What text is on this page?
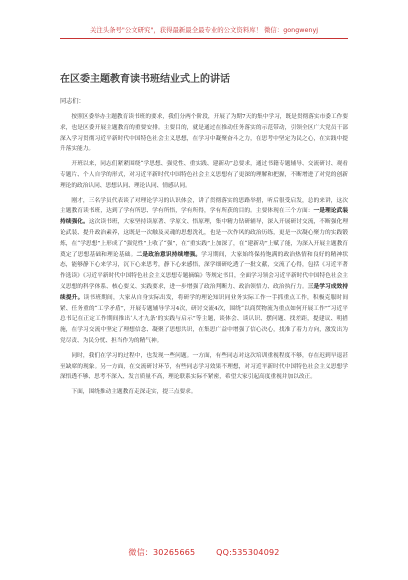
关注头条号"公文研究"，获得最新最全最专业的公文资料库！ 微信：gongwenyj
在区委主题教育读书班结业式上的讲话

同志们：

按照区委举办主题教育读书班的要求，我们分两个阶段，开展了为期7天的集中学习，既是贯彻落实市委工作要求，也是区委开展主题教育的重要安排。主要目的，就是通过在推动任务落实的示范带动，引领全区广大党员干部深入学习贯彻习近平新时代中国特色社会主义思想，在学习中凝聚奋斗之力，在思考中坚定为民之心，在实践中提升落实能力。

开班以来，同志们紧紧围绕“学思想、强党性、重实践、建新功”总要求，通过书籍专题辅导、交流研讨、观看专题片、个人自学的形式，对习近平新时代中国特色社会主义思想有了更深的理解和把握，不断增进了对党的创新理论的政治认同、思想认同、理论认同、情感认同。

刚才，三名学员代表谈了对理论学习的认识体会，讲了贯彻落实的思路举措，听后很受启发，总的来讲，这次主题教育读书班，达到了学有所思、学有所悟，学有所得，学有所获的目的。主要体现在三个方面：一是理论武装持续强化。这次读书班，大家坚持读原著、学原文、悟原理，集中精力钻研辅导，深入开展研讨交流，不断强化理论武装、提升政治素养，这既是一次触及灵魂的思想洗礼，也是一次作风的政治历练，更是一次凝心聚力的实践锻炼，在“学思想”上形成了“强党性”上收了“强”，在“重实践”上加深了，在“建新功”上赋了能，为深入开展主题教育奠定了思想基础和理论基础。二是政治意识持续增强。学习期间，大家始终保持饱满的政治热情和良好的精神状态，能够静下心来学习，沉下心来思考，静下心来感悟，深学细研吃透了一批文献，交流了心得，包括《习近平著作选读》《习近平新时代中国特色社会主义思想专题摘编》等规定书目，全面学习领会习近平新时代中国特色社会主义思想的科学体系、核心要义、实践要求，进一步增强了政治判断力、政治领悟力、政治执行力。三是学习成效持续提升。读书班期间，大家从自身实际出发，将研学的理论知识同业务实际工作一手抓重点工作，积极克服时间紧、任务重的“工学矛盾”，开展专题辅导学习4次，研讨交流4次，围绕“以商贸物流为重点如何开展工作”“习近平总书记在正定工作期间推出‘人才九条’的实践与启示”等主题，谈体会、谈认识、摆问题、找差距，提建议、明措施，在学习交流中坚定了理想信念、凝聚了思想共识，在集思广益中增强了信心决心，找准了着力方向，激发出为党尽责、为民分忧、担当作为的精气神。

同时，我们在学习的过程中，也发现一些问题。一方面，有些同志对这次培训重视程度不够，存在迟到早退甚至缺席的现象。另一方面，在交流研讨环节，有些同志学习效果不理想，对习近平新时代中国特色社会主义思想学深悟透不够、思考不深入、发言质量不高，理论联系实际不紧密，希望大家引起高度重视并加以改正。

下面，围绕推动主题教育走深走实，提三点要求。

微信：30265665	QQ:535304092
